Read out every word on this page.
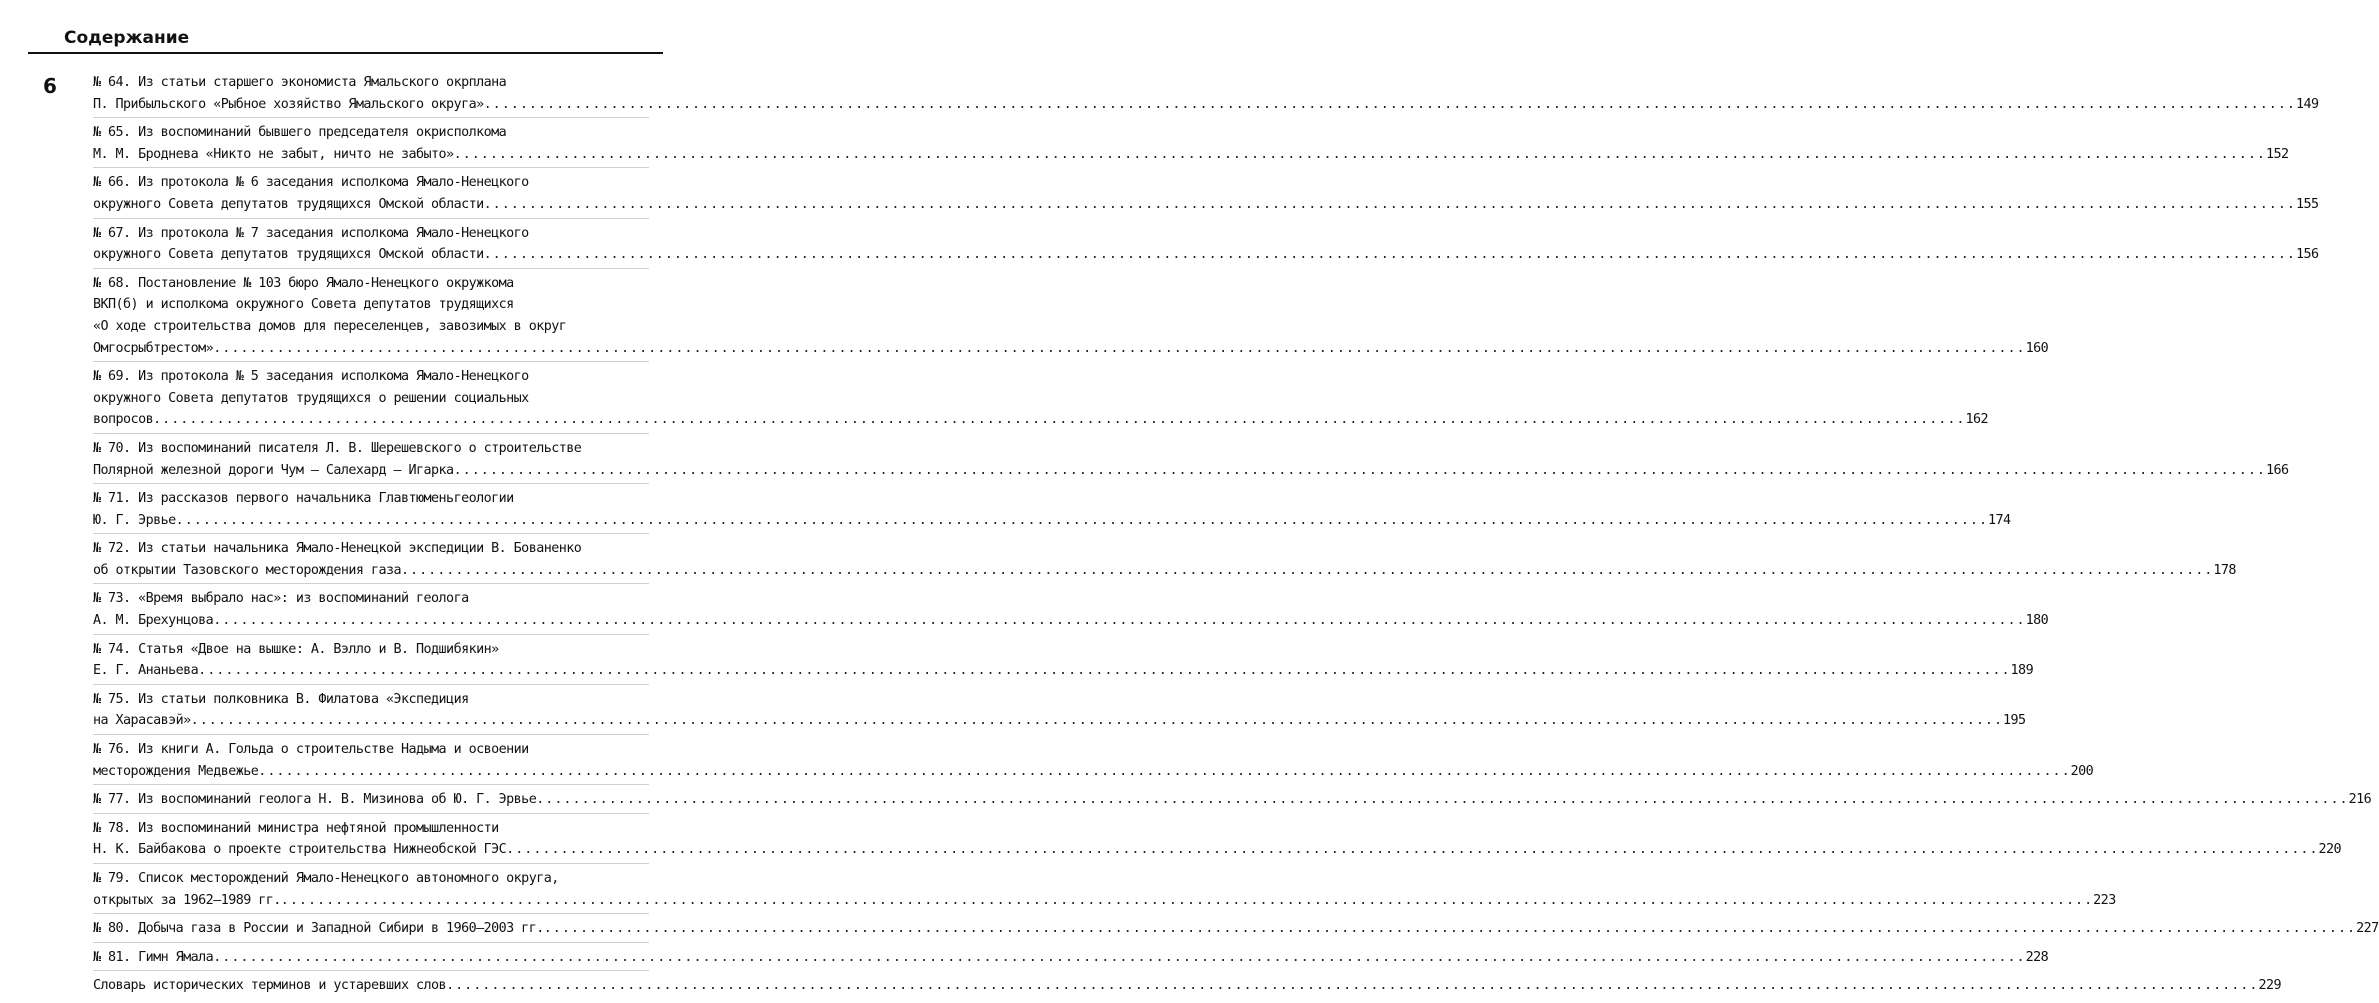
Содержание
6	№ 64. Из статьи старшего экономиста Ямальского окрплана
П. Прибыльского «Рыбное хозяйство Ямальского округа» ........................................................................................................................................................................................................ 149
№ 65. Из воспоминаний бывшего председателя окрисполкома
М. М. Броднева «Никто не забыт, ничто не забыто» ........................................................................................................................................................................................................ 152
№ 66. Из протокола № 6 заседания исполкома Ямало-Ненецкого
окружного Совета депутатов трудящихся Омской области ........................................................................................................................................................................................................ 155
№ 67. Из протокола № 7 заседания исполкома Ямало-Ненецкого
окружного Совета депутатов трудящихся Омской области ........................................................................................................................................................................................................ 156
№ 68. Постановление № 103 бюро Ямало-Ненецкого окружкома
ВКП(б) и исполкома окружного Совета депутатов трудящихся
«О ходе строительства домов для переселенцев, завозимых в округ
Омгосрыбтрестом» ........................................................................................................................................................................................................ 160
№ 69. Из протокола № 5 заседания исполкома Ямало-Ненецкого
окружного Совета депутатов трудящихся о решении социальных
вопросов ........................................................................................................................................................................................................ 162
№ 70. Из воспоминаний писателя Л. В. Шерешевского о строительстве
Полярной железной дороги Чум — Салехард — Игарка ........................................................................................................................................................................................................ 166
№ 71. Из рассказов первого начальника Главтюменьгеологии
Ю. Г. Эрвье ........................................................................................................................................................................................................ 174
№ 72. Из статьи начальника Ямало-Ненецкой экспедиции В. Бованенко
об открытии Тазовского месторождения газа ........................................................................................................................................................................................................ 178
№ 73. «Время выбрало нас»: из воспоминаний геолога
А. М. Брехунцова ........................................................................................................................................................................................................ 180
№ 74. Статья «Двое на вышке: А. Вэлло и В. Подшибякин»
Е. Г. Ананьева ........................................................................................................................................................................................................ 189
№ 75. Из статьи полковника В. Филатова «Экспедиция
на Харасавэй» ........................................................................................................................................................................................................ 195
№ 76. Из книги А. Гольда о строительстве Надыма и освоении
месторождения Медвежье ........................................................................................................................................................................................................ 200
№ 77. Из воспоминаний геолога Н. В. Мизинова об Ю. Г. Эрвье ........................................................................................................................................................................................................ 216
№ 78. Из воспоминаний министра нефтяной промышленности
Н. К. Байбакова о проекте строительства Нижнеобской ГЭС ........................................................................................................................................................................................................ 220
№ 79. Список месторождений Ямало-Ненецкого автономного округа,
открытых за 1962–1989 гг. ........................................................................................................................................................................................................ 223
№ 80. Добыча газа в России и Западной Сибири в 1960–2003 гг. ........................................................................................................................................................................................................ 227
№ 81. Гимн Ямала ........................................................................................................................................................................................................ 228
Словарь исторических терминов и устаревших слов ........................................................................................................................................................................................................ 229
